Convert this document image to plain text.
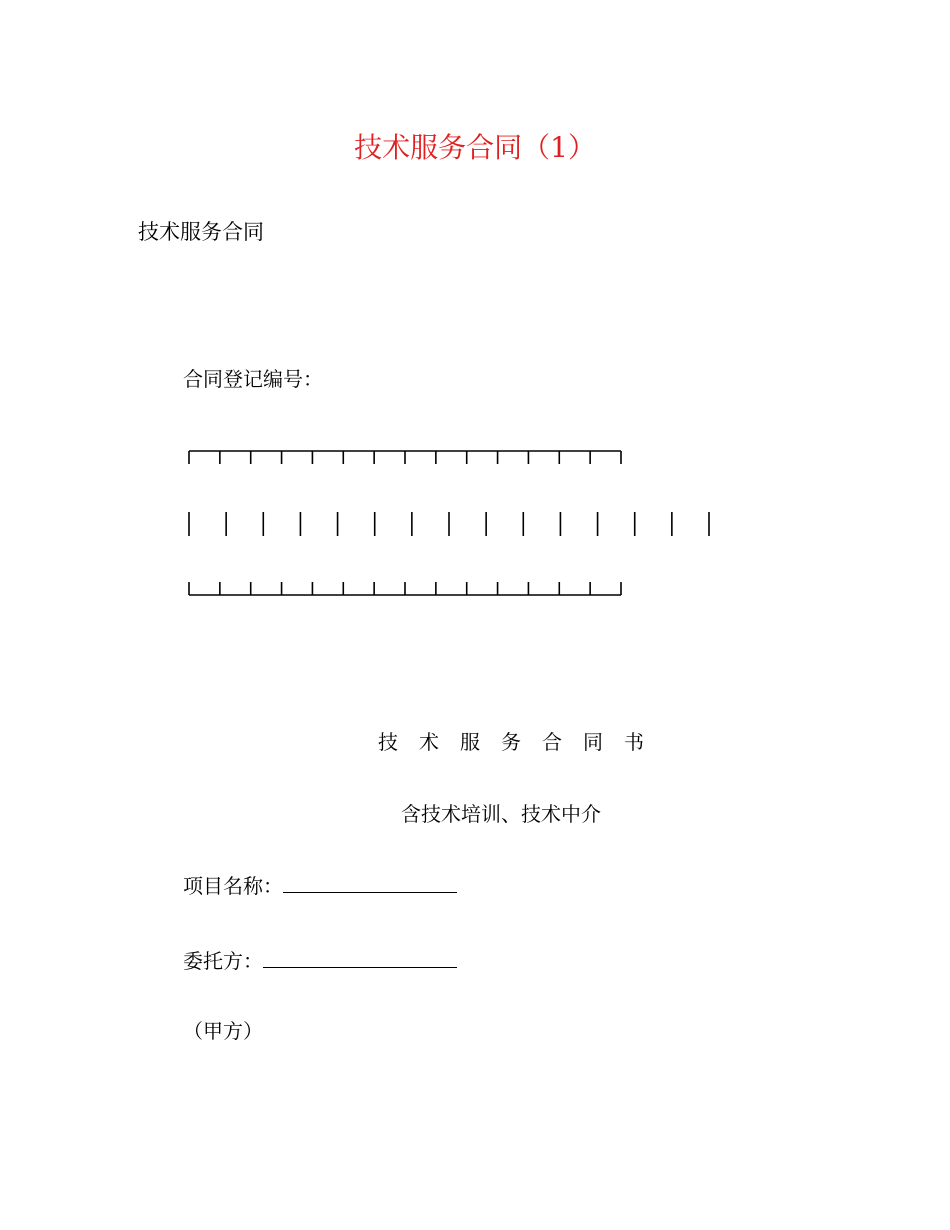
技术服务合同（1）
技术服务合同
合同登记编号：
技术服务合同书
含技术培训、技术中介
项目名称：
委托方：
（甲方）
